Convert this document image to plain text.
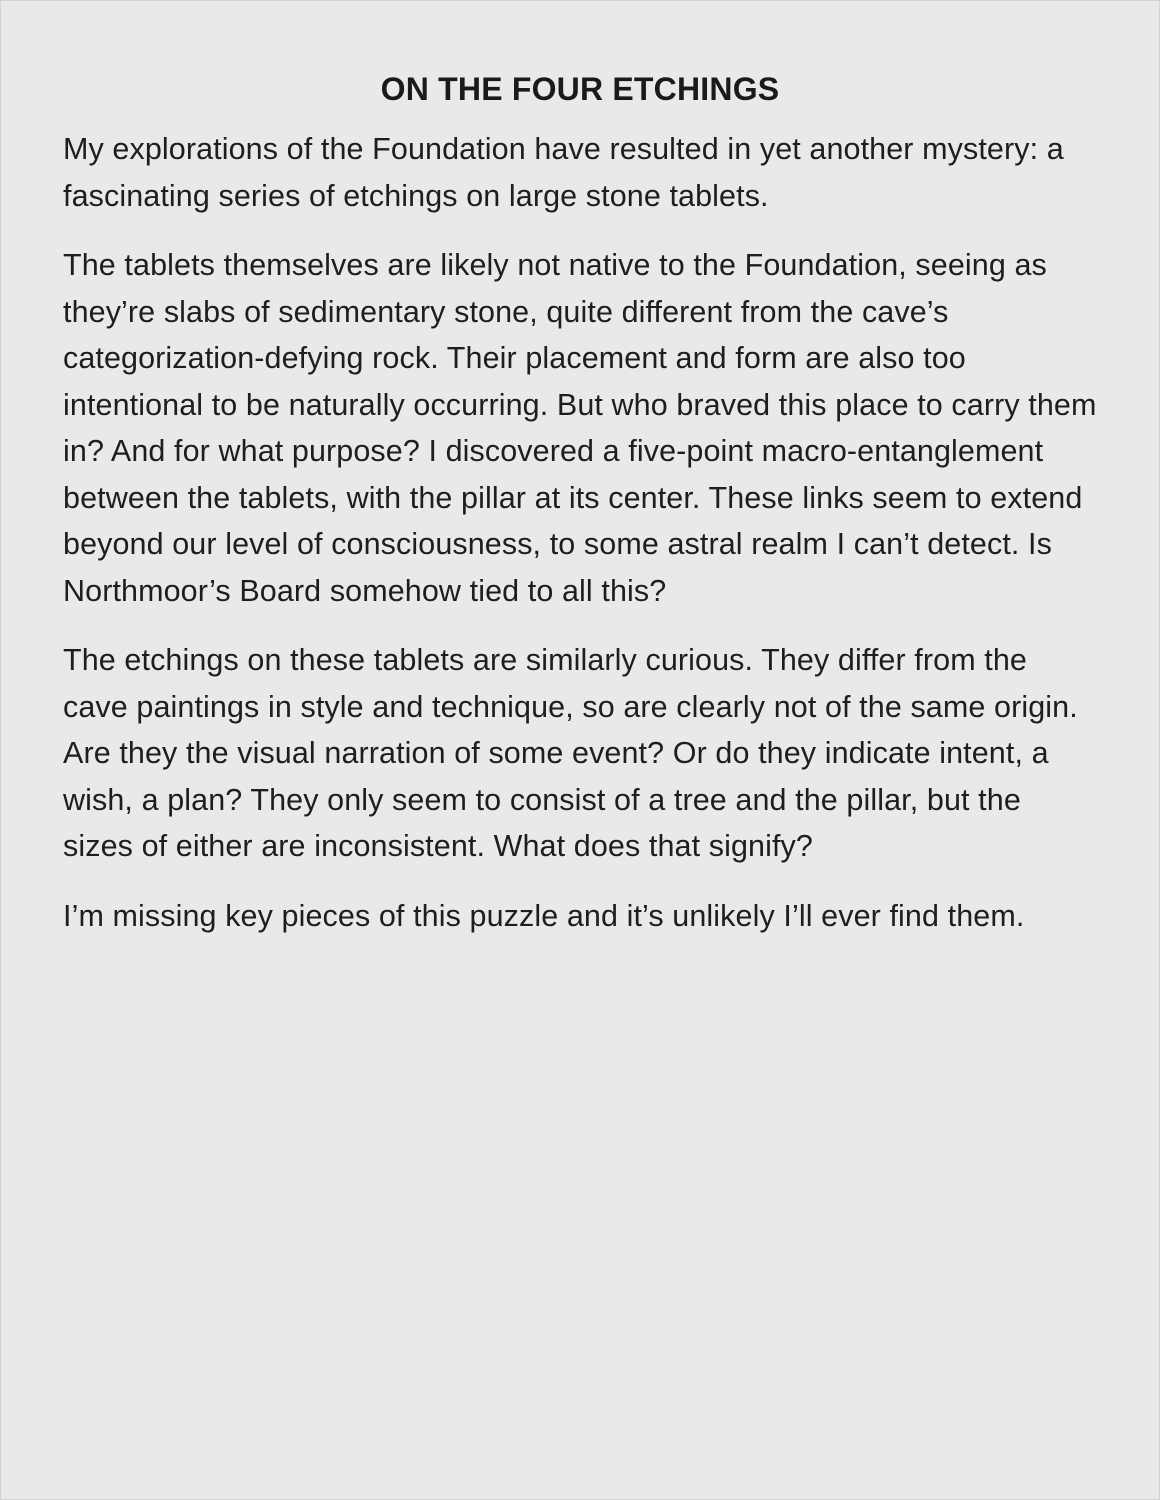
ON THE FOUR ETCHINGS

My explorations of the Foundation have resulted in yet another mystery: a fascinating series of etchings on large stone tablets.

The tablets themselves are likely not native to the Foundation, seeing as they’re slabs of sedimentary stone, quite different from the cave’s categorization-defying rock. Their placement and form are also too intentional to be naturally occurring. But who braved this place to carry them in? And for what purpose? I discovered a five-point macro-entanglement between the tablets, with the pillar at its center. These links seem to extend beyond our level of consciousness, to some astral realm I can’t detect. Is Northmoor’s Board somehow tied to all this?

The etchings on these tablets are similarly curious. They differ from the cave paintings in style and technique, so are clearly not of the same origin. Are they the visual narration of some event? Or do they indicate intent, a wish, a plan? They only seem to consist of a tree and the pillar, but the sizes of either are inconsistent. What does that signify?

I’m missing key pieces of this puzzle and it’s unlikely I’ll ever find them.
